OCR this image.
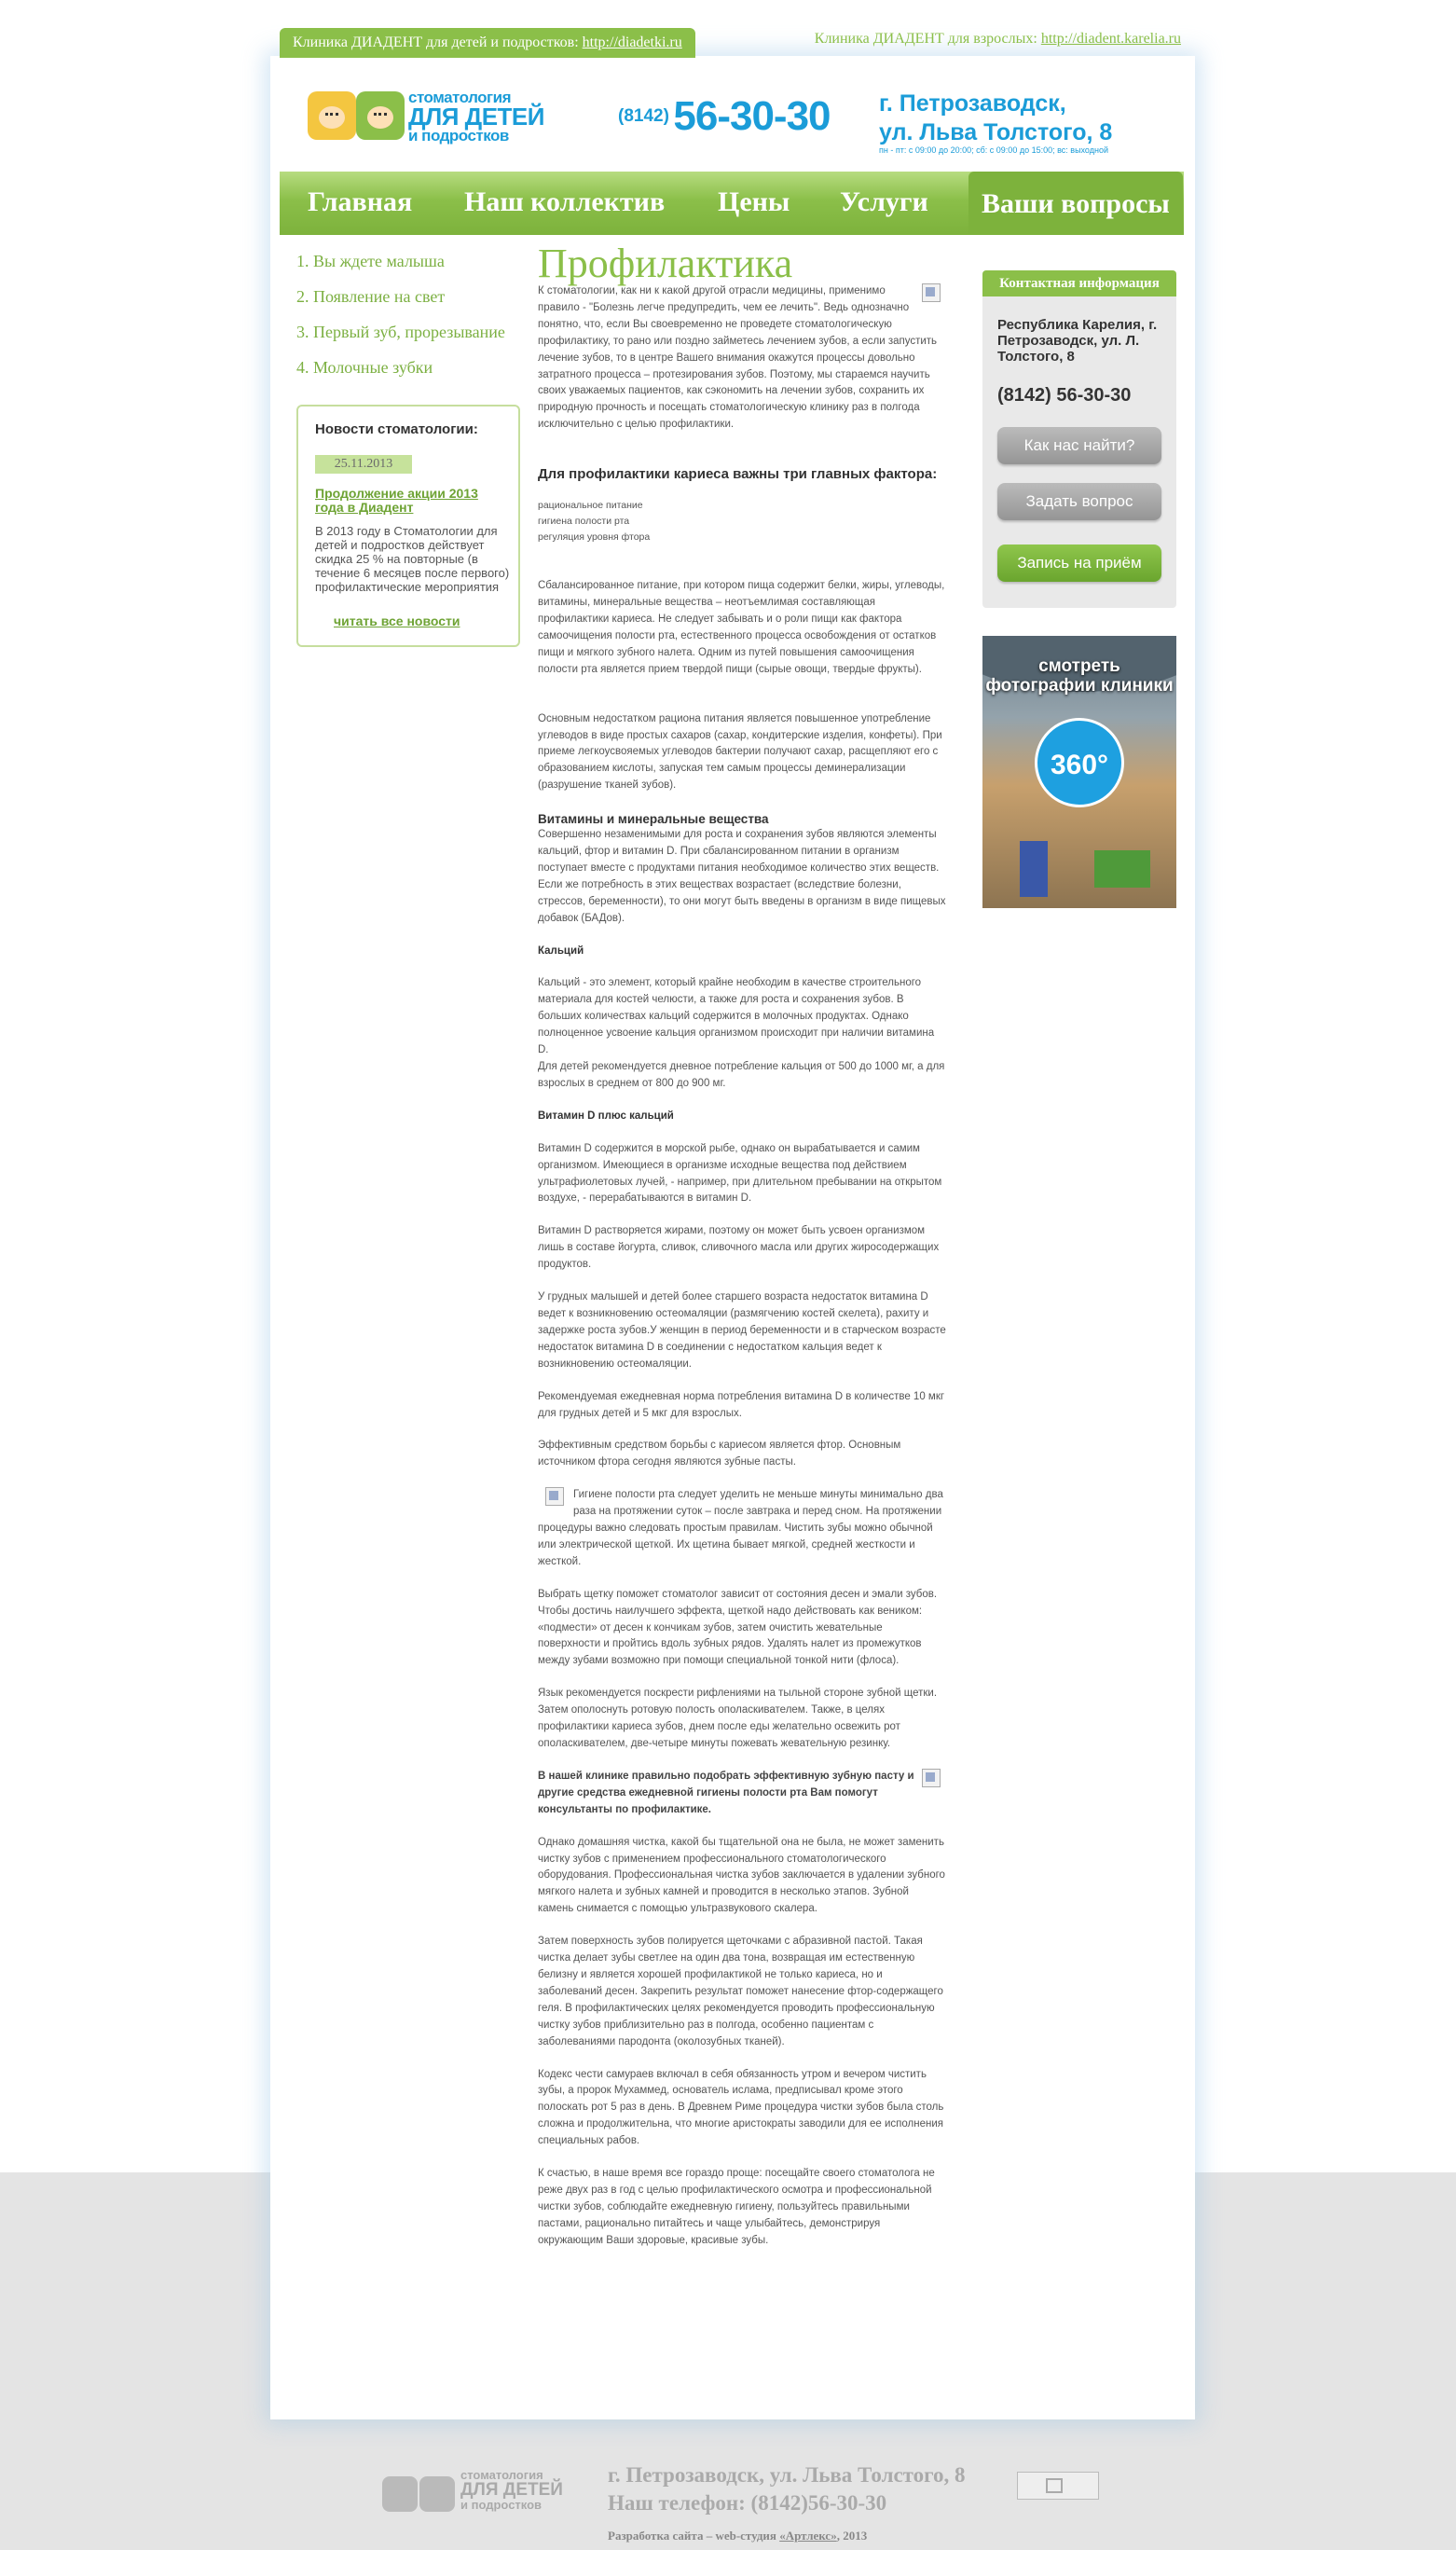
Клиника ДИАДЕНТ для детей и подростков: http://diadetki.ru	Клиника ДИАДЕНТ для взрослых: http://diadent.karelia.ru
стоматология
ДЛЯ ДЕТЕЙ
и подростков
(8142) 56-30-30 г. Петрозаводск,
ул. Льва Толстого, 8
пн - пт: с 09:00 до 20:00; сб: с 09:00 до 15:00; вс: выходной
Главная Наш коллектив Цены Услуги	Ваши вопросы
1. Вы ждете малыша
2. Появление на свет
3. Первый зуб, прорезывание
4. Молочные зубки
Новости стоматологии:
25.11.2013
Продолжение акции 2013 года в Диадент
В 2013 году в Стоматологии для детей и подростков действует скидка 25 % на повторные (в течение 6 месяцев после первого) профилактические мероприятия
читать все новости
Профилактика

К стоматологии, как ни к какой другой отрасли медицины, применимо правило - "Болезнь легче предупредить, чем ее лечить". Ведь однозначно понятно, что, если Вы своевременно не проведете стоматологическую профилактику, то рано или поздно займетесь лечением зубов, а если запустить лечение зубов, то в центре Вашего внимания окажутся процессы довольно затратного процесса – протезирования зубов. Поэтому, мы стараемся научить своих уважаемых пациентов, как сэкономить на лечении зубов, сохранить их природную прочность и посещать стоматологическую клинику раз в полгода исключительно с целью профилактики.

Для профилактики кариеса важны три главных фактора:

рациональное питание
гигиена полости рта
регуляция уровня фтора

Сбалансированное питание, при котором пища содержит белки, жиры, углеводы, витамины, минеральные вещества – неотъемлимая составляющая профилактики кариеса. Не следует забывать и о роли пищи как фактора самоочищения полости рта, естественного процесса освобождения от остатков пищи и мягкого зубного налета. Одним из путей повышения самоочищения полости рта является прием твердой пищи (сырые овощи, твердые фрукты).

Основным недостатком рациона питания является повышенное употребление углеводов в виде простых сахаров (сахар, кондитерские изделия, конфеты). При приеме легкоусвояемых углеводов бактерии получают сахар, расщепляют его с образованием кислоты, запуская тем самым процессы деминерализации (разрушение тканей зубов).

Витамины и минеральные вещества

Совершенно незаменимыми для роста и сохранения зубов являются элементы кальций, фтор и витамин D. При сбалансированном питании в организм поступает вместе с продуктами питания необходимое количество этих веществ. Если же потребность в этих веществах возрастает (вследствие болезни, стрессов, беременности), то они могут быть введены в организм в виде пищевых добавок (БАДов).

Кальций

Кальций - это элемент, который крайне необходим в качестве строительного материала для костей челюсти, а также для роста и сохранения зубов. В больших количествах кальций содержится в молочных продуктах. Однако полноценное усвоение кальция организмом происходит при наличии витамина D.

Для детей рекомендуется дневное потребление кальция от 500 до 1000 мг, а для взрослых в среднем от 800 до 900 мг.

Витамин D плюс кальций

Витамин D содержится в морской рыбе, однако он вырабатывается и самим организмом. Имеющиеся в организме исходные вещества под действием ультрафиолетовых лучей, - например, при длительном пребывании на открытом воздухе, - перерабатываются в витамин D.

Витамин D растворяется жирами, поэтому он может быть усвоен организмом лишь в составе йогурта, сливок, сливочного масла или других жиросодержащих продуктов.

У грудных малышей и детей более старшего возраста недостаток витамина D ведет к возникновению остеомаляции (размягчению костей скелета), рахиту и задержке роста зубов.У женщин в период беременности и в старческом возрасте недостаток витамина D в соединении с недостатком кальция ведет к возникновению остеомаляции.

Рекомендуемая ежедневная норма потребления витамина D в количестве 10 мкг для грудных детей и 5 мкг для взрослых.

Эффективным средством борьбы с кариесом является фтор. Основным источником фтора сегодня являются зубные пасты.

Гигиене полости рта следует уделить не меньше минуты минимально два раза на протяжении суток – после завтрака и перед сном. На протяжении процедуры важно следовать простым правилам. Чистить зубы можно обычной или электрической щеткой. Их щетина бывает мягкой, средней жесткости и жесткой.

Выбрать щетку поможет стоматолог зависит от состояния десен и эмали зубов. Чтобы достичь наилучшего эффекта, щеткой надо действовать как веником: «подмести» от десен к кончикам зубов, затем очистить жевательные поверхности и пройтись вдоль зубных рядов. Удалять налет из промежутков между зубами возможно при помощи специальной тонкой нити (флоса).

Язык рекомендуется поскрести рифлениями на тыльной стороне зубной щетки. Затем ополоснуть ротовую полость ополаскивателем. Также, в целях профилактики кариеса зубов, днем после еды желательно освежить рот ополаскивателем, две-четыре минуты пожевать жевательную резинку.

В нашей клинике правильно подобрать эффективную зубную пасту и другие средства ежедневной гигиены полости рта Вам помогут консультанты по профилактике.

Однако домашняя чистка, какой бы тщательной она не была, не может заменить чистку зубов с применением профессионального стоматологического оборудования. Профессиональная чистка зубов заключается в удалении зубного мягкого налета и зубных камней и проводится в несколько этапов. Зубной камень снимается с помощью ультразвукового скалера.

Затем поверхность зубов полируется щеточками с абразивной пастой. Такая чистка делает зубы светлее на один два тона, возвращая им естественную белизну и является хорошей профилактикой не только кариеса, но и заболеваний десен. Закрепить результат поможет нанесение фтор-содержащего геля. В профилактических целях рекомендуется проводить профессиональную чистку зубов приблизительно раз в полгода, особенно пациентам с заболеваниями пародонта (околозубных тканей).

Кодекс чести самураев включал в себя обязанность утром и вечером чистить зубы, а пророк Мухаммед, основатель ислама, предписывал кроме этого полоскать рот 5 раз в день. В Древнем Риме процедура чистки зубов была столь сложна и продолжительна, что многие аристократы заводили для ее исполнения специальных рабов.

К счастью, в наше время все гораздо проще: посещайте своего стоматолога не реже двух раз в год с целью профилактического осмотра и профессиональной чистки зубов, соблюдайте ежедневную гигиену, пользуйтесь правильными пастами, рационально питайтесь и чаще улыбайтесь, демонстрируя окружающим Ваши здоровые, красивые зубы.

Контактная информация
Республика Карелия, г. Петрозаводск, ул. Л. Толстого, 8
(8142) 56-30-30
Как нас найти?
Задать вопрос
Запись на приём
смотреть фотографии клиники
360°
стоматология
ДЛЯ ДЕТЕЙ
и подростков
г. Петрозаводск, ул. Льва Толстого, 8
Наш телефон: (8142)56-30-30
Разработка сайта – web-студия «Артлекс», 2013
